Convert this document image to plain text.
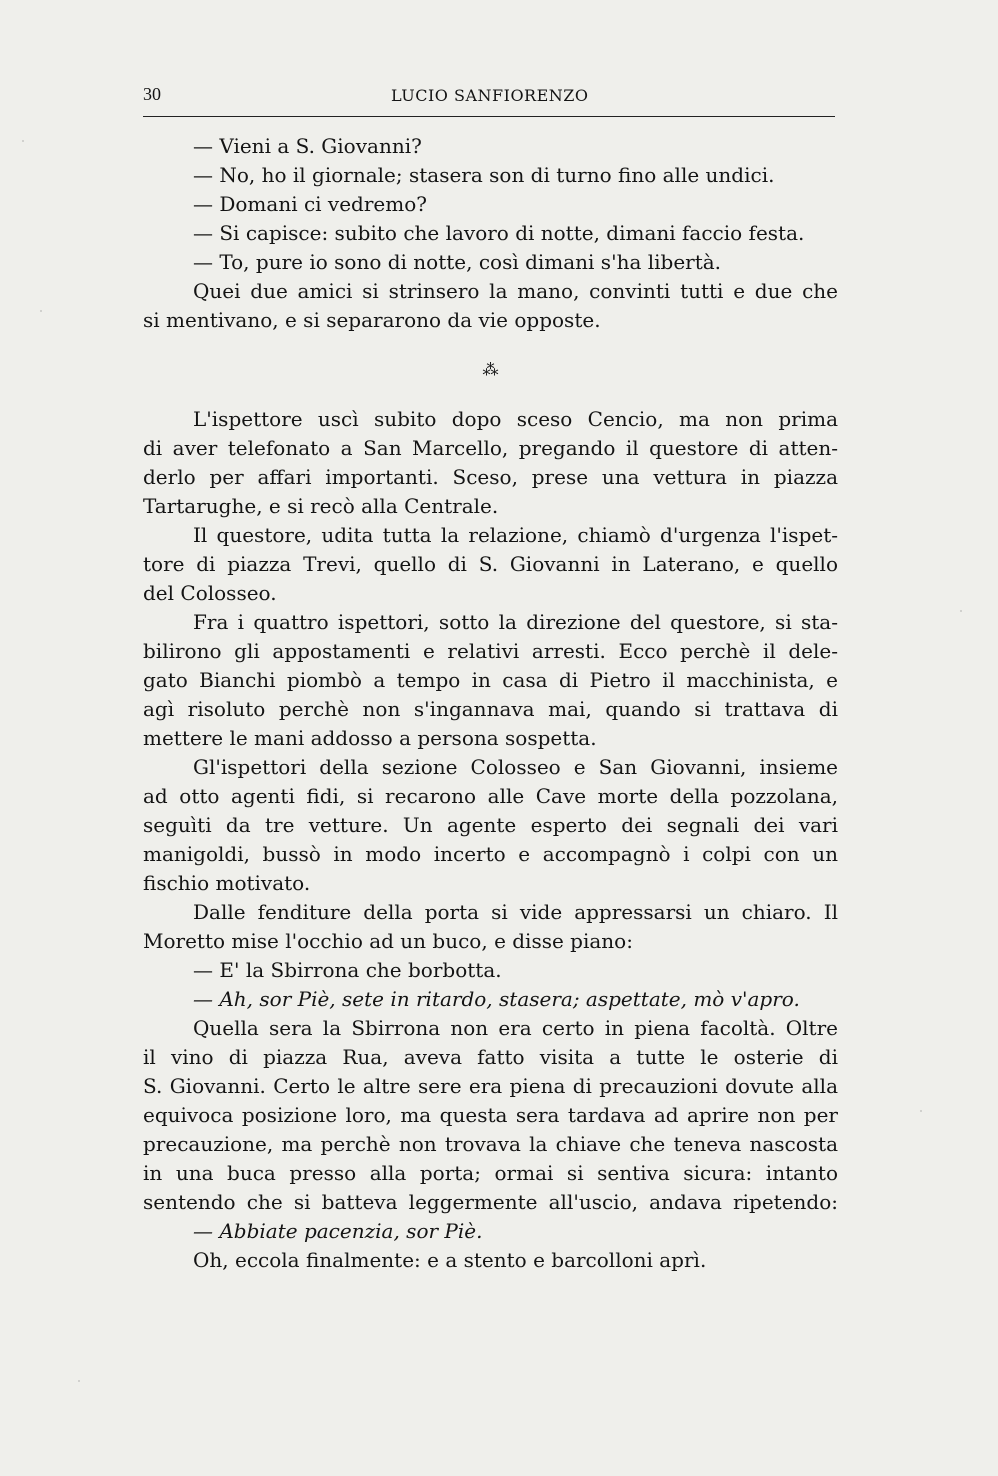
30	LUCIO SANFIORENZO
— Vieni a S. Giovanni?
— No, ho il giornale; stasera son di turno fino alle undici.
— Domani ci vedremo?
— Si capisce: subito che lavoro di notte, dimani faccio festa.
— To, pure io sono di notte, così dimani s'ha libertà.
Quei due amici si strinsero la mano, convinti tutti e due che
si mentivano, e si separarono da vie opposte.
⁂
L'ispettore uscì subito dopo sceso Cencio, ma non prima
di aver telefonato a San Marcello, pregando il questore di atten-
derlo per affari importanti. Sceso, prese una vettura in piazza
Tartarughe, e si recò alla Centrale.
Il questore, udita tutta la relazione, chiamò d'urgenza l'ispet-
tore di piazza Trevi, quello di S. Giovanni in Laterano, e quello
del Colosseo.
Fra i quattro ispettori, sotto la direzione del questore, si sta-
bilirono gli appostamenti e relativi arresti. Ecco perchè il dele-
gato Bianchi piombò a tempo in casa di Pietro il macchinista, e
agì risoluto perchè non s'ingannava mai, quando si trattava di
mettere le mani addosso a persona sospetta.
Gl'ispettori della sezione Colosseo e San Giovanni, insieme
ad otto agenti fidi, si recarono alle Cave morte della pozzolana,
seguìti da tre vetture. Un agente esperto dei segnali dei vari
manigoldi, bussò in modo incerto e accompagnò i colpi con un
fischio motivato.
Dalle fenditure della porta si vide appressarsi un chiaro. Il
Moretto mise l'occhio ad un buco, e disse piano:
— E' la Sbirrona che borbotta.
— Ah, sor Piè, sete in ritardo, stasera; aspettate, mò v'apro.
Quella sera la Sbirrona non era certo in piena facoltà. Oltre
il vino di piazza Rua, aveva fatto visita a tutte le osterie di
S. Giovanni. Certo le altre sere era piena di precauzioni dovute alla
equivoca posizione loro, ma questa sera tardava ad aprire non per
precauzione, ma perchè non trovava la chiave che teneva nascosta
in una buca presso alla porta; ormai si sentiva sicura: intanto
sentendo che si batteva leggermente all'uscio, andava ripetendo:
— Abbiate pacenzia, sor Piè.
Oh, eccola finalmente: e a stento e barcolloni aprì.
